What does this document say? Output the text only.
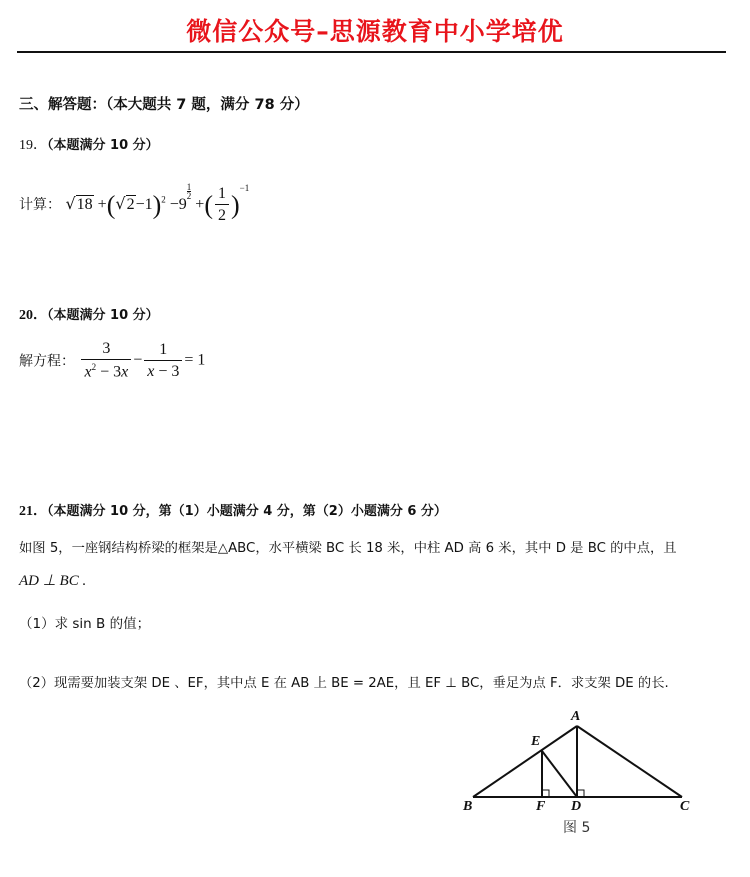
微信公众号–思源教育中小学培优
三、解答题：（本大题共 7 题，满分 78 分）
19．（本题满分 10 分）
计算： $√18 +(√2-1)^2 -9$
$^{\frac{1}{2}}$
+( $\frac{1}{2} )^{-1}$
20．（本题满分 10 分）
解方程： $\frac{3}{x^2 - 3x} - \frac{1}{x - 3} = 1$
21．（本题满分 10 分，第（1）小题满分 4 分，第（2）小题满分 6 分）
如图 5，一座钢结构桥梁的框架是△ABC，水平横梁 BC 长 18 米，中柱 AD 高 6 米，其中 D 是 BC 的中点，且
AD ⊥ BC .
（1）求 sin B 的值；
（2）现需要加装支架 DE 、EF，其中点 E 在 AB 上 BE = 2AE，且 EF ⊥ BC，垂足为点 F．求支架 DE 的长.
A
E
B	F D	C
图 5
